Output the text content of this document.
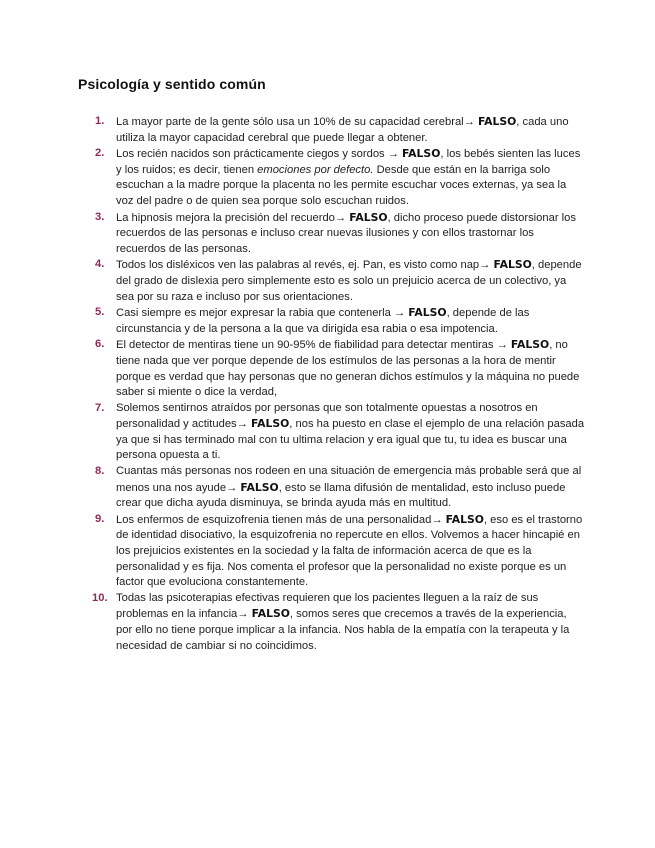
Psicología y sentido común
1. La mayor parte de la gente sólo usa un 10% de su capacidad cerebral→ FALSO, cada uno utiliza la mayor capacidad cerebral que puede llegar a obtener.
2. Los recién nacidos son prácticamente ciegos y sordos → FALSO, los bebés sienten las luces y los ruidos; es decir, tienen emociones por defecto. Desde que están en la barriga solo escuchan a la madre porque la placenta no les permite escuchar voces externas, ya sea la voz del padre o de quien sea porque solo escuchan ruidos.
3. La hipnosis mejora la precisión del recuerdo→ FALSO, dicho proceso puede distorsionar los recuerdos de las personas e incluso crear nuevas ilusiones y con ellos trastornar los recuerdos de las personas.
4. Todos los disléxicos ven las palabras al revés, ej. Pan, es visto como nap→ FALSO, depende del grado de dislexia pero simplemente esto es solo un prejuicio acerca de un colectivo, ya sea por su raza e incluso por sus orientaciones.
5. Casi siempre es mejor expresar la rabia que contenerla → FALSO, depende de las circunstancia y de la persona a la que va dirigida esa rabia o esa impotencia.
6. El detector de mentiras tiene un 90-95% de fiabilidad para detectar mentiras → FALSO, no tiene nada que ver porque depende de los estímulos de las personas a la hora de mentir porque es verdad que hay personas que no generan dichos estímulos y la máquina no puede saber si miente o dice la verdad,
7. Solemos sentirnos atraídos por personas que son totalmente opuestas a nosotros en personalidad y actitudes→ FALSO, nos ha puesto en clase el ejemplo de una relación pasada ya que si has terminado mal con tu ultima relacion y era igual que tu, tu idea es buscar una persona opuesta a ti.
8. Cuantas más personas nos rodeen en una situación de emergencia más probable será que al menos una nos ayude→ FALSO, esto se llama difusión de mentalidad, esto incluso puede crear que dicha ayuda disminuya, se brinda ayuda más en multitud.
9. Los enfermos de esquizofrenia tienen más de una personalidad→ FALSO, eso es el trastorno de identidad disociativo, la esquizofrenia no repercute en ellos. Volvemos a hacer hincapié en los prejuicios existentes en la sociedad y la falta de información acerca de que es la personalidad y es fija. Nos comenta el profesor que la personalidad no existe porque es un factor que evoluciona constantemente.
10. Todas las psicoterapias efectivas requieren que los pacientes lleguen a la raíz de sus problemas en la infancia→ FALSO, somos seres que crecemos a través de la experiencia, por ello no tiene porque implicar a la infancia. Nos habla de la empatía con la terapeuta y la necesidad de cambiar si no coincidimos.
